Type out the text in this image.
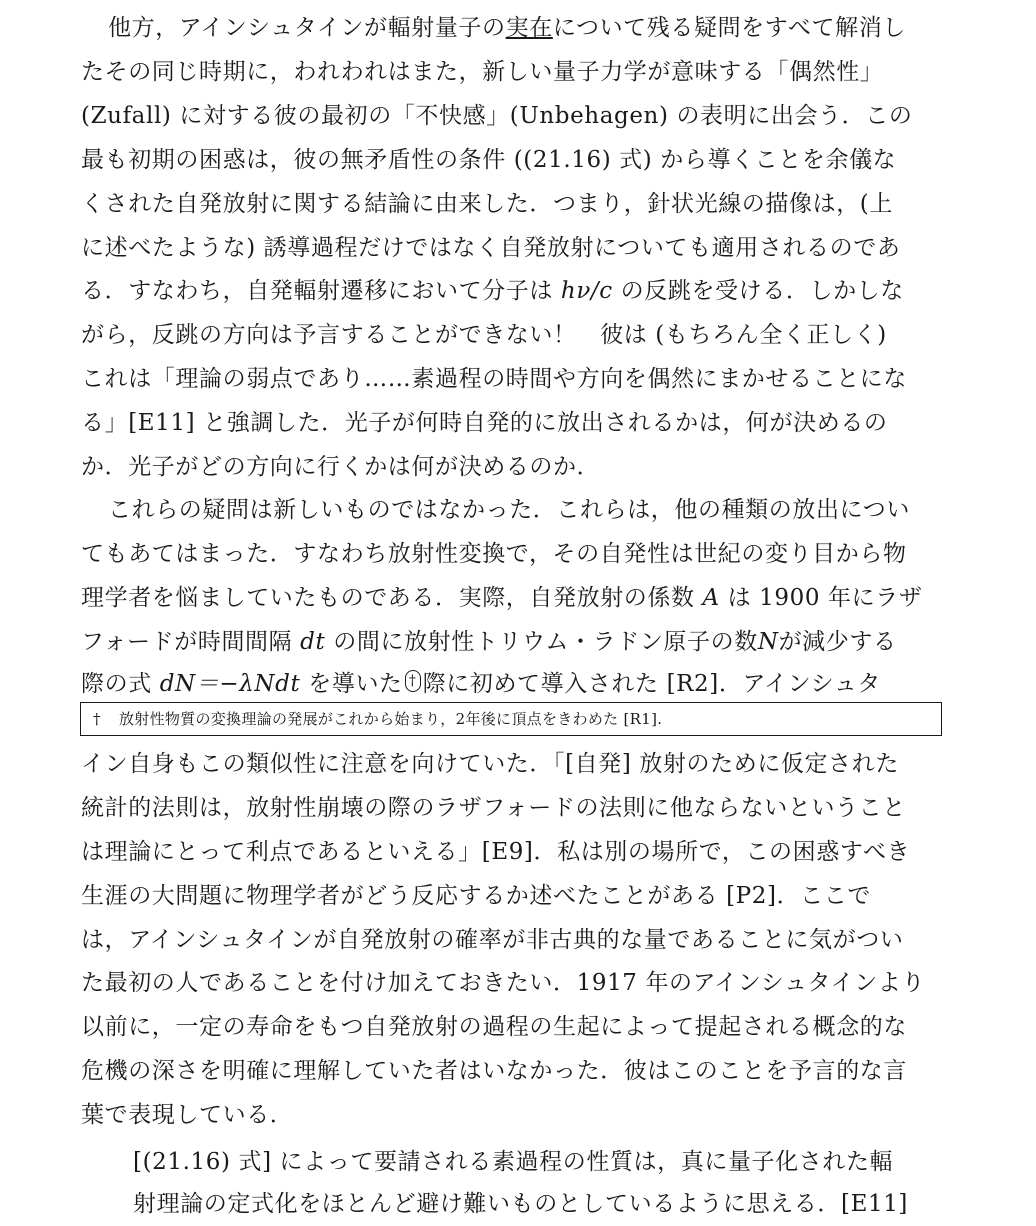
他方，アインシュタインが輻射量子の実在について残る疑問をすべて解消し
たその同じ時期に，われわれはまた，新しい量子力学が意味する「偶然性」
(Zufall) に対する彼の最初の「不快感」(Unbehagen) の表明に出会う．この
最も初期の困惑は，彼の無矛盾性の条件 ((21.16) 式) から導くことを余儀な
くされた自発放射に関する結論に由来した．つまり，針状光線の描像は，(上
に述べたような) 誘導過程だけではなく自発放射についても適用されるのであ
る．すなわち，自発輻射遷移において分子は hν/c の反跳を受ける．しかしな
がら，反跳の方向は予言することができない！　彼は (もちろん全く正しく)
これは「理論の弱点であり……素過程の時間や方向を偶然にまかせることにな
る」[E11] と強調した．光子が何時自発的に放出されるかは，何が決めるの
か．光子がどの方向に行くかは何が決めるのか．
これらの疑問は新しいものではなかった．これらは，他の種類の放出につい
てもあてはまった．すなわち放射性変換で，その自発性は世紀の変り目から物
理学者を悩ましていたものである．実際，自発放射の係数 A は 1900 年にラザ
フォードが時間間隔 dt の間に放射性トリウム・ラドン原子の数Nが減少する
際の式 dN＝−λNdt を導いた † 際に初めて導入された [R2]．アインシュタ
† 放射性物質の変換理論の発展がこれから始まり，2年後に頂点をきわめた [R1].
イン自身もこの類似性に注意を向けていた．「[自発] 放射のために仮定された
統計的法則は，放射性崩壊の際のラザフォードの法則に他ならないということ
は理論にとって利点であるといえる」[E9]．私は別の場所で，この困惑すべき
生涯の大問題に物理学者がどう反応するか述べたことがある [P2]．ここで
は，アインシュタインが自発放射の確率が非古典的な量であることに気がつい
た最初の人であることを付け加えておきたい．1917 年のアインシュタインより
以前に，一定の寿命をもつ自発放射の過程の生起によって提起される概念的な
危機の深さを明確に理解していた者はいなかった．彼はこのことを予言的な言
葉で表現している．
[(21.16) 式] によって要請される素過程の性質は，真に量子化された輻
射理論の定式化をほとんど避け難いものとしているように思える．[E11]
